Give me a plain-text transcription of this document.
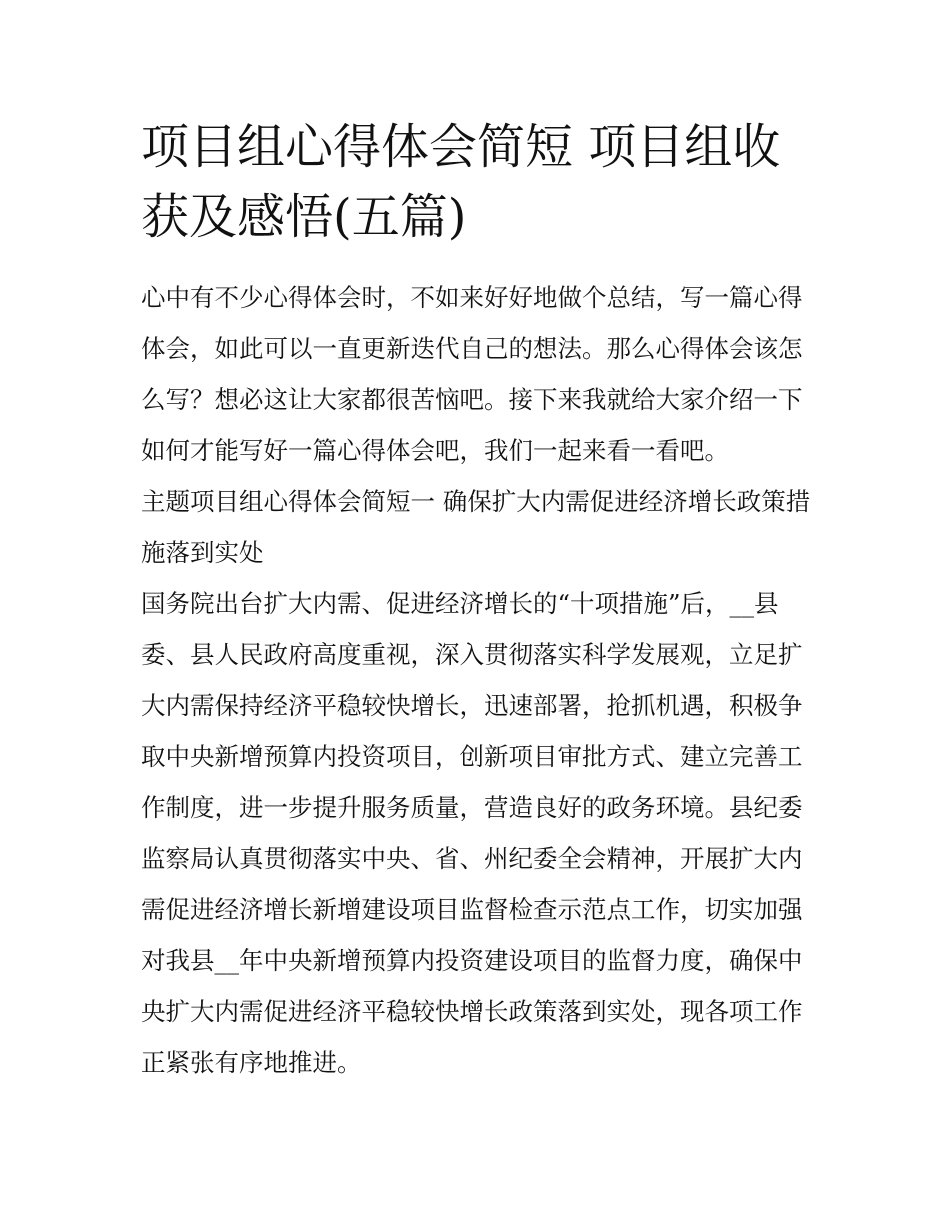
项目组心得体会简短 项目组收获及感悟(五篇)

心中有不少心得体会时，不如来好好地做个总结，写一篇心得体会，如此可以一直更新迭代自己的想法。那么心得体会该怎么写？想必这让大家都很苦恼吧。接下来我就给大家介绍一下如何才能写好一篇心得体会吧，我们一起来看一看吧。

主题项目组心得体会简短一 确保扩大内需促进经济增长政策措施落到实处

国务院出台扩大内需、促进经济增长的“十项措施”后，__县委、县人民政府高度重视，深入贯彻落实科学发展观，立足扩大内需保持经济平稳较快增长，迅速部署，抢抓机遇，积极争取中央新增预算内投资项目，创新项目审批方式、建立完善工作制度，进一步提升服务质量，营造良好的政务环境。县纪委监察局认真贯彻落实中央、省、州纪委全会精神，开展扩大内需促进经济增长新增建设项目监督检查示范点工作，切实加强对我县__年中央新增预算内投资建设项目的监督力度，确保中央扩大内需促进经济平稳较快增长政策落到实处，现各项工作正紧张有序地推进。
